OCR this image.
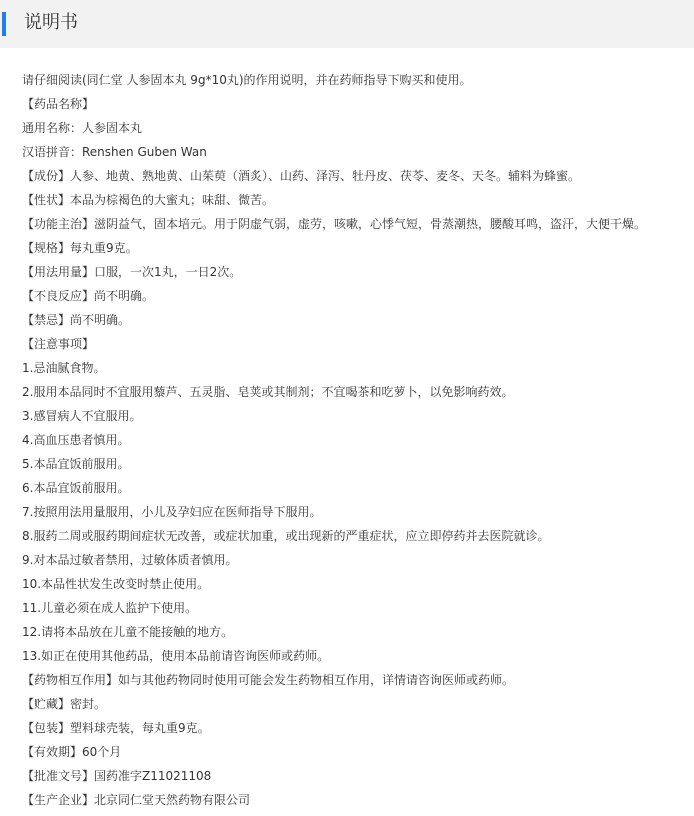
说明书
请仔细阅读(同仁堂 人参固本丸 9g*10丸)的作用说明，并在药师指导下购买和使用。
【药品名称】
通用名称：人参固本丸
汉语拼音：Renshen Guben Wan
【成份】人参、地黄、熟地黄、山茱萸（酒炙）、山药、泽泻、牡丹皮、茯苓、麦冬、天冬。辅料为蜂蜜。
【性状】本品为棕褐色的大蜜丸；味甜、微苦。
【功能主治】滋阴益气，固本培元。用于阴虚气弱，虚劳，咳嗽，心悸气短，骨蒸潮热，腰酸耳鸣，盗汗，大便干燥。
【规格】每丸重9克。
【用法用量】口服，一次1丸，一日2次。
【不良反应】尚不明确。
【禁忌】尚不明确。
【注意事项】
1.忌油腻食物。
2.服用本品同时不宜服用藜芦、五灵脂、皂荚或其制剂；不宜喝茶和吃萝卜，以免影响药效。
3.感冒病人不宜服用。
4.高血压患者慎用。
5.本品宜饭前服用。
6.本品宜饭前服用。
7.按照用法用量服用，小儿及孕妇应在医师指导下服用。
8.服药二周或服药期间症状无改善，或症状加重，或出现新的严重症状，应立即停药并去医院就诊。
9.对本品过敏者禁用，过敏体质者慎用。
10.本品性状发生改变时禁止使用。
11.儿童必须在成人监护下使用。
12.请将本品放在儿童不能接触的地方。
13.如正在使用其他药品，使用本品前请咨询医师或药师。
【药物相互作用】如与其他药物同时使用可能会发生药物相互作用，详情请咨询医师或药师。
【贮藏】密封。
【包装】塑料球壳装，每丸重9克。
【有效期】60个月
【批准文号】国药准字Z11021108
【生产企业】北京同仁堂天然药物有限公司
